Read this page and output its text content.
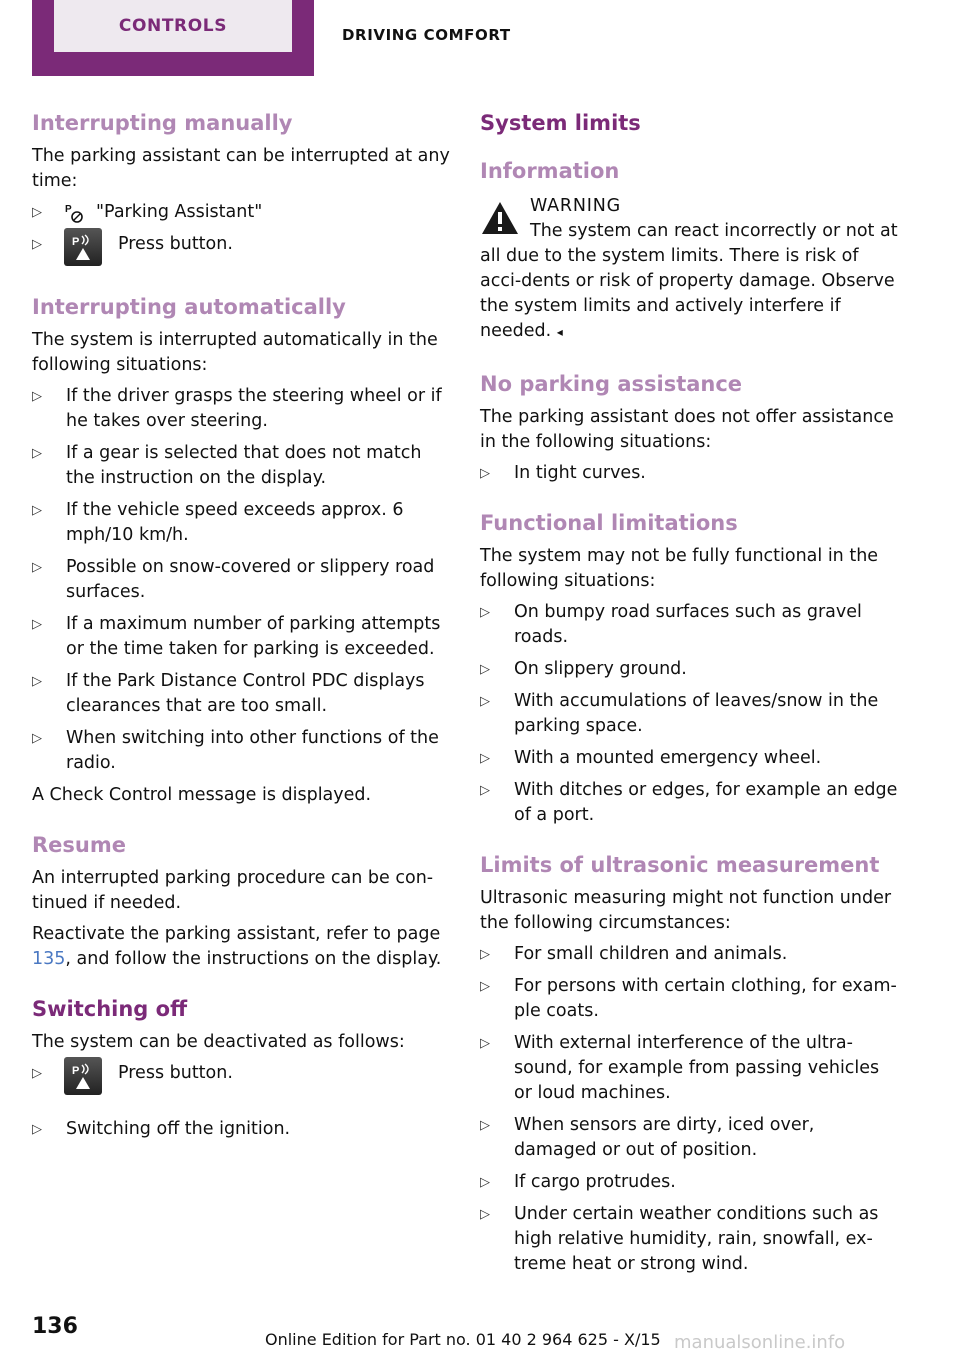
CONTROLS	DRIVING COMFORT
Interrupting manually

The parking assistant can be interrupted at any time:

▷ P "Parking Assistant"
▷	P Press button.
Interrupting automatically

The system is interrupted automatically in the following situations:

▷ If the driver grasps the steering wheel or if he takes over steering.
▷ If a gear is selected that does not match the instruction on the display.
▷ If the vehicle speed exceeds approx. 6 mph/10 km/h.
▷ Possible on snow-covered or slippery road surfaces.
▷ If a maximum number of parking attempts or the time taken for parking is exceeded.
▷ If the Park Distance Control PDC displays clearances that are too small.
▷ When switching into other functions of the radio.

A Check Control message is displayed.

Resume

An interrupted parking procedure can be con-tinued if needed.

Reactivate the parking assistant, refer to page 135, and follow the instructions on the display.

Switching off

The system can be deactivated as follows:

▷	P Press button.
▷ Switching off the ignition.
System limits
Information
WARNING

The system can react incorrectly or not at all due to the system limits. There is risk of acci-dents or risk of property damage. Observe the system limits and actively interfere if needed. ◂

No parking assistance

The parking assistant does not offer assistance in the following situations:

▷ In tight curves.
Functional limitations

The system may not be fully functional in the following situations:

▷ On bumpy road surfaces such as gravel roads.
▷ On slippery ground.
▷ With accumulations of leaves/snow in the parking space.
▷ With a mounted emergency wheel.
▷ With ditches or edges, for example an edge of a port.
Limits of ultrasonic measurement

Ultrasonic measuring might not function under the following circumstances:

▷ For small children and animals.
▷ For persons with certain clothing, for exam-ple coats.
▷ With external interference of the ultra-sound, for example from passing vehicles or loud machines.
▷ When sensors are dirty, iced over, damaged or out of position.
▷ If cargo protrudes.
▷ Under certain weather conditions such as high relative humidity, rain, snowfall, ex-treme heat or strong wind.
136
Online Edition for Part no. 01 40 2 964 625 - X/15 manualsonline.info
